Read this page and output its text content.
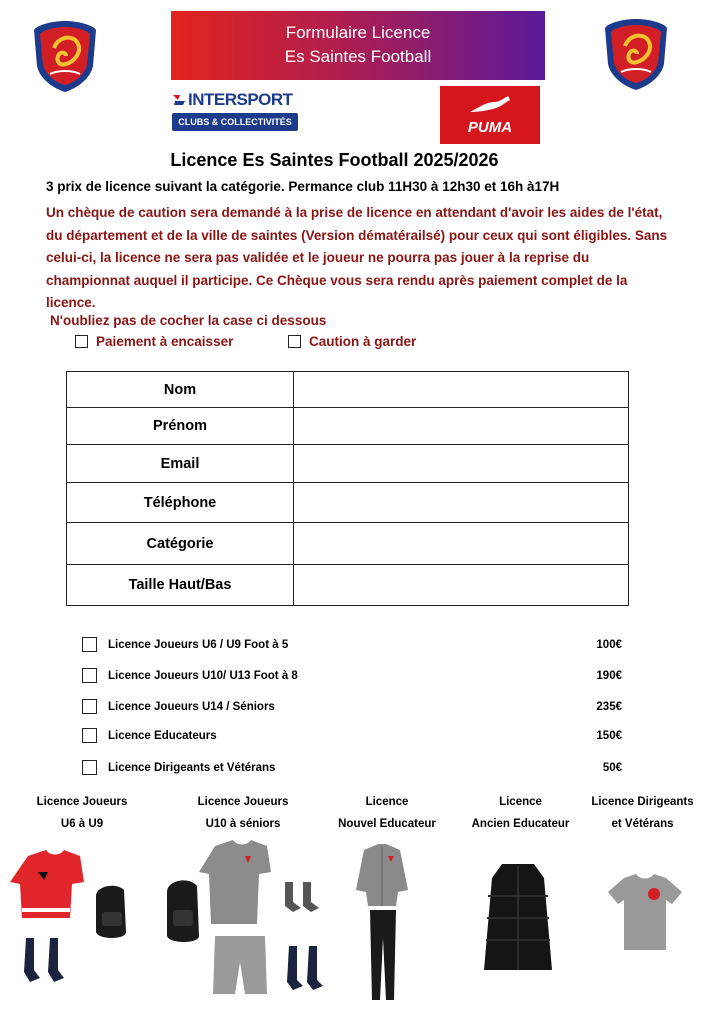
Formulaire Licence
Es Saintes Football
INTERSPORT
CLUBS & COLLECTIVITÉS	PUMA
Licence Es Saintes Football 2025/2026
3 prix de licence suivant la catégorie. Permance club 11H30 à 12h30 et 16h à17H
Un chèque de caution sera demandé à la prise de licence en attendant d'avoir les aides de l'état, du département et de la ville de saintes (Version dématérailsé) pour ceux qui sont éligibles. Sans celui-ci, la licence ne sera pas validée et le joueur ne pourra pas jouer à la reprise du championnat auquel il participe. Ce Chèque vous sera rendu après paiement complet de la licence.
N'oubliez pas de cocher la case ci dessous
Paiement à encaisser	Caution à garder
Nom	
Prénom	
Email	
Téléphone	
Catégorie	
Taille Haut/Bas	
Licence Joueurs U6 / U9 Foot à 5	100€
Licence Joueurs U10/ U13 Foot à 8	190€
Licence Joueurs U14 / Séniors	235€
Licence Educateurs	150€
Licence Dirigeants et Vétérans	50€
Licence Joueurs
U6 à U9
Licence Joueurs
U10 à séniors
Licence
Nouvel Educateur
Licence
Ancien Educateur
Licence Dirigeants
et Vétérans
